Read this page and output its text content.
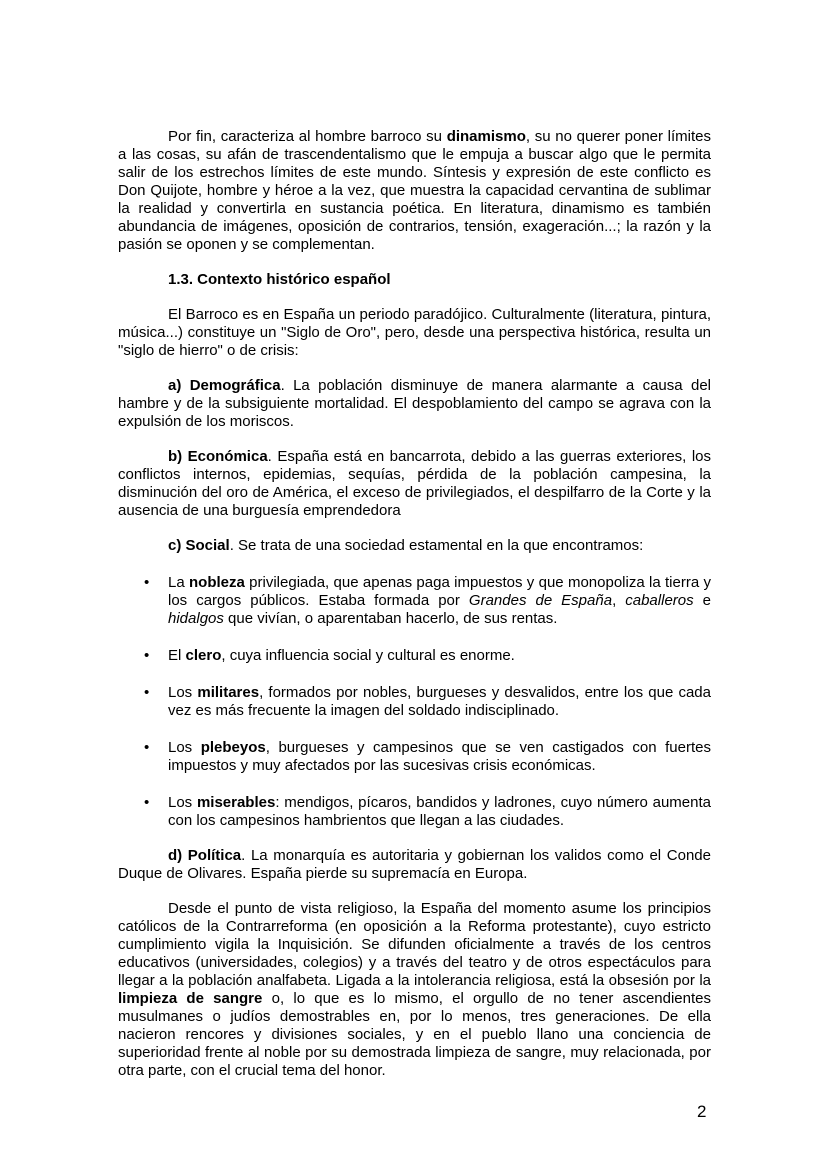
Por fin, caracteriza al hombre barroco su dinamismo, su no querer poner límites a las cosas, su afán de trascendentalismo que le empuja a buscar algo que le permita salir de los estrechos límites de este mundo. Síntesis y expresión de este conflicto es Don Quijote, hombre y héroe a la vez, que muestra la capacidad cervantina de sublimar la realidad y convertirla en sustancia poética. En literatura, dinamismo es también abundancia de imágenes, oposición de contrarios, tensión, exageración...; la razón y la pasión se oponen y se complementan.

1.3. Contexto histórico español

El Barroco es en España un periodo paradójico. Culturalmente (literatura, pintura, música...) constituye un "Siglo de Oro", pero, desde una perspectiva histórica, resulta un "siglo de hierro" o de crisis:

a) Demográfica. La población disminuye de manera alarmante a causa del hambre y de la subsiguiente mortalidad. El despoblamiento del campo se agrava con la expulsión de los moriscos.

b) Económica. España está en bancarrota, debido a las guerras exteriores, los conflictos internos, epidemias, sequías, pérdida de la población campesina, la disminución del oro de América, el exceso de privilegiados, el despilfarro de la Corte y la ausencia de una burguesía emprendedora

c) Social. Se trata de una sociedad estamental en la que encontramos:

• La nobleza privilegiada, que apenas paga impuestos y que monopoliza la tierra y los cargos públicos. Estaba formada por Grandes de España, caballeros e hidalgos que vivían, o aparentaban hacerlo, de sus rentas.
• El clero, cuya influencia social y cultural es enorme.
• Los militares, formados por nobles, burgueses y desvalidos, entre los que cada vez es más frecuente la imagen del soldado indisciplinado.
• Los plebeyos, burgueses y campesinos que se ven castigados con fuertes impuestos y muy afectados por las sucesivas crisis económicas.
• Los miserables: mendigos, pícaros, bandidos y ladrones, cuyo número aumenta con los campesinos hambrientos que llegan a las ciudades.

d) Política. La monarquía es autoritaria y gobiernan los validos como el Conde Duque de Olivares. España pierde su supremacía en Europa.

Desde el punto de vista religioso, la España del momento asume los principios católicos de la Contrarreforma (en oposición a la Reforma protestante), cuyo estricto cumplimiento vigila la Inquisición. Se difunden oficialmente a través de los centros educativos (universidades, colegios) y a través del teatro y de otros espectáculos para llegar a la población analfabeta. Ligada a la intolerancia religiosa, está la obsesión por la limpieza de sangre o, lo que es lo mismo, el orgullo de no tener ascendientes musulmanes o judíos demostrables en, por lo menos, tres generaciones. De ella nacieron rencores y divisiones sociales, y en el pueblo llano una conciencia de superioridad frente al noble por su demostrada limpieza de sangre, muy relacionada, por otra parte, con el crucial tema del honor.

2
